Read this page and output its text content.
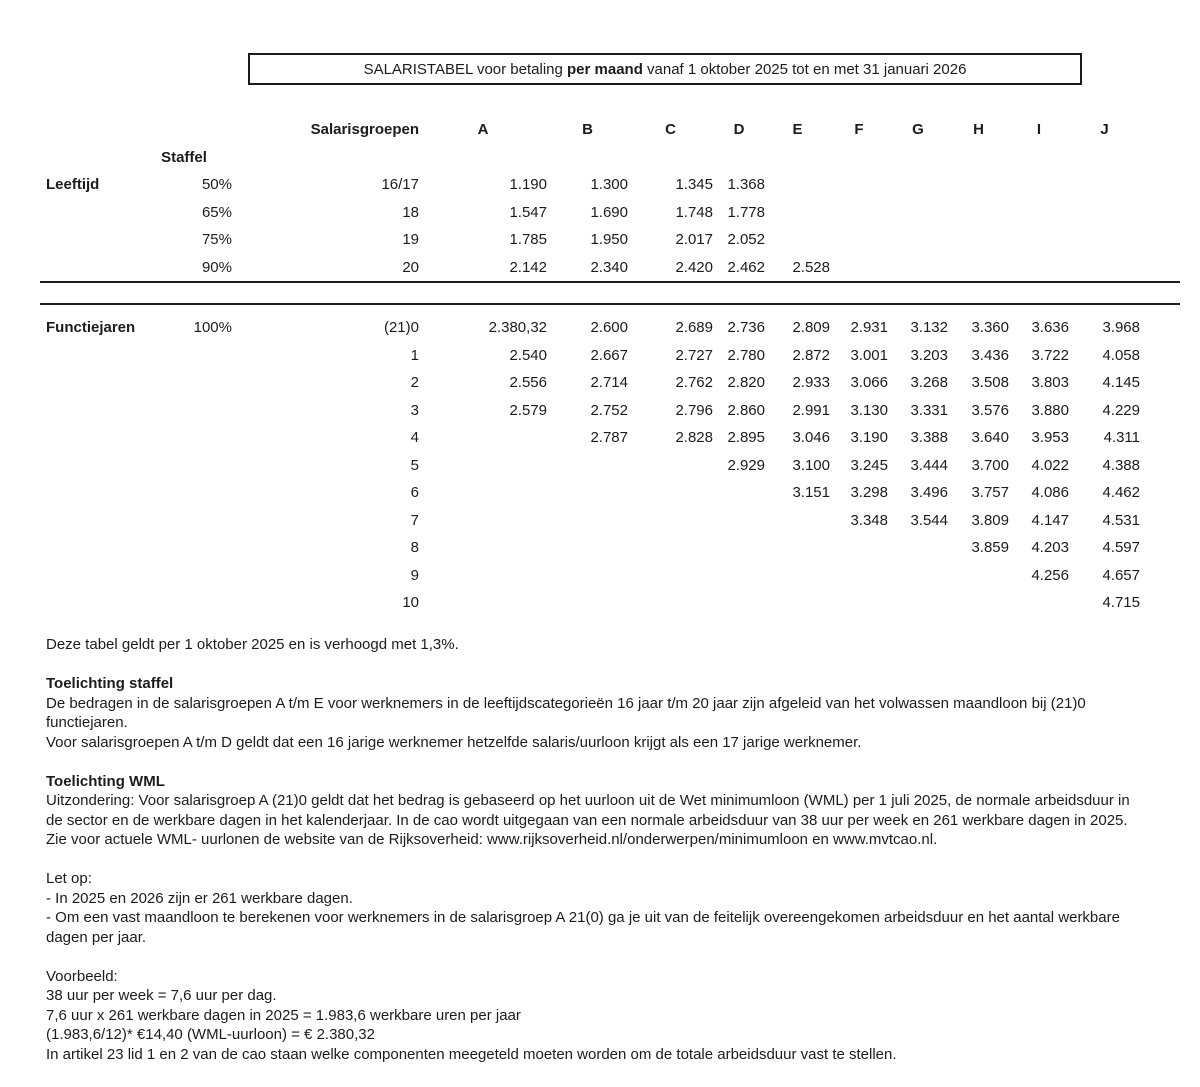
SALARISTABEL voor betaling per maand vanaf 1 oktober 2025 tot en met 31 januari 2026
		Salarisgroepen	A	B	C	D	E	F	G	H	I	J
	Staffel											
Leeftijd	50%	16/17	1.190	1.300	1.345	1.368						
	65%	18	1.547	1.690	1.748	1.778						
	75%	19	1.785	1.950	2.017	2.052						
	90%	20	2.142	2.340	2.420	2.462	2.528					
Functiejaren	100%	(21)0	2.380,32	2.600	2.689	2.736	2.809	2.931	3.132	3.360	3.636	3.968
		1	2.540	2.667	2.727	2.780	2.872	3.001	3.203	3.436	3.722	4.058
		2	2.556	2.714	2.762	2.820	2.933	3.066	3.268	3.508	3.803	4.145
		3	2.579	2.752	2.796	2.860	2.991	3.130	3.331	3.576	3.880	4.229
		4		2.787	2.828	2.895	3.046	3.190	3.388	3.640	3.953	4.311
		5				2.929	3.100	3.245	3.444	3.700	4.022	4.388
		6					3.151	3.298	3.496	3.757	4.086	4.462
		7						3.348	3.544	3.809	4.147	4.531
		8								3.859	4.203	4.597
		9									4.256	4.657
		10										4.715
Deze tabel geldt per 1 oktober 2025 en is verhoogd met 1,3%.
Toelichting staffel
De bedragen in de salarisgroepen A t/m E voor werknemers in de leeftijdscategorieën 16 jaar t/m 20 jaar zijn afgeleid van het volwassen maandloon bij (21)0 functiejaren.
Voor salarisgroepen A t/m D geldt dat een 16 jarige werknemer hetzelfde salaris/uurloon krijgt als een 17 jarige werknemer.
Toelichting WML
Uitzondering: Voor salarisgroep A (21)0 geldt dat het bedrag is gebaseerd op het uurloon uit de Wet minimumloon (WML) per 1 juli 2025, de normale arbeidsduur in de sector en de werkbare dagen in het kalenderjaar. In de cao wordt uitgegaan van een normale arbeidsduur van 38 uur per week en 261 werkbare dagen in 2025.
Zie voor actuele WML- uurlonen de website van de Rijksoverheid: www.rijksoverheid.nl/onderwerpen/minimumloon en www.mvtcao.nl.
Let op:
- In 2025 en 2026 zijn er 261 werkbare dagen.
- Om een vast maandloon te berekenen voor werknemers in de salarisgroep A 21(0) ga je uit van de feitelijk overeengekomen arbeidsduur en het aantal werkbare dagen per jaar.
Voorbeeld:
38 uur per week = 7,6 uur per dag.
7,6 uur x 261 werkbare dagen in 2025 = 1.983,6 werkbare uren per jaar
(1.983,6/12)* €14,40 (WML-uurloon) = € 2.380,32
In artikel 23 lid 1 en 2 van de cao staan welke componenten meegeteld moeten worden om de totale arbeidsduur vast te stellen.
